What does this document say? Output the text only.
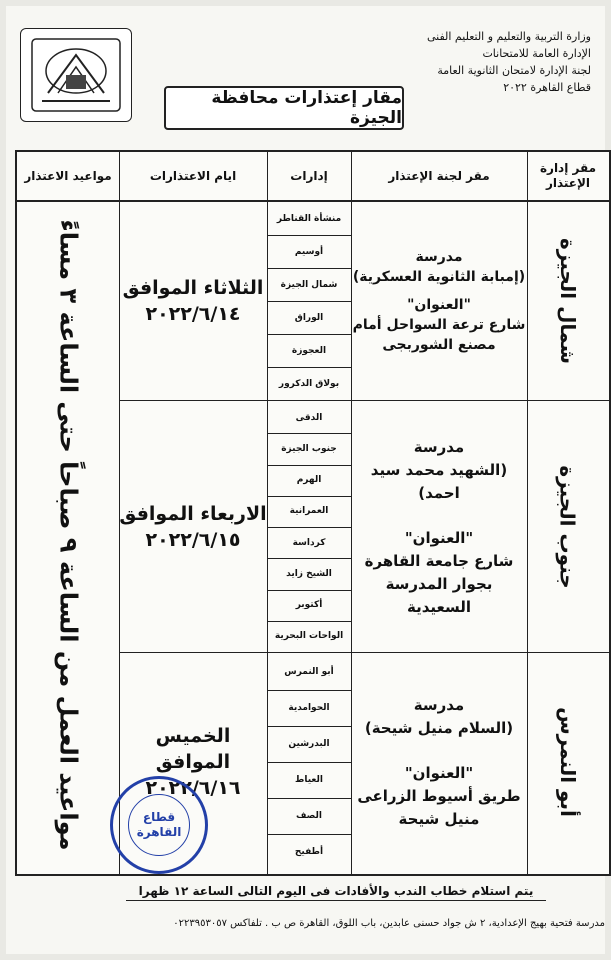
وزارة التربية والتعليم و التعليم الفنى
الإدارة العامة للامتحانات
لجنة الإدارة لامتحان الثانوية العامة
قطاع القاهرة ٢٠٢٢
مقار إعتذارات محافظة الجيزة
مقر إدارة الإعتذار
مقر لجنة الإعتذار
إدارات
ايام الاعتذارات
مواعيد الاعتذار
شمال الجيزة
جنوب الجيزة
أبو النمرس
مدرسة
(إمبابة الثانوية العسكرية)
"العنوان"
شارع ترعة السواحل أمام مصنع الشوربجى
مدرسة
(الشهيد محمد سيد احمد)
"العنوان"
شارع جامعة القاهرة بجوار المدرسة السعيدية
مدرسة
(السلام منيل شيحة)
"العنوان"
طريق أسيوط الزراعى منيل شيحة
منشأة القناطر
أوسيم
شمال الجيزة
الوراق
العجوزة
بولاق الدكرور
الدقى
جنوب الجيزة
الهرم
العمرانية
كرداسة
الشيخ زايد
أكتوبر
الواحات البحرية
أبو النمرس
الحوامدية
البدرشين
العياط
الصف
أطفيح
الثلاثاء الموافق
٢٠٢٢/٦/١٤
الاربعاء الموافق
٢٠٢٢/٦/١٥
الخميس الموافق
٢٠٢٢/٦/١٦
مواعيد العمل من الساعة ٩ صباحاً حتى الساعة ٣ مساءً	قطاع
القاهرة
يتم استلام خطاب الندب والأفادات فى اليوم التالى الساعة ١٢ ظهرا
مدرسة فتحية بهيج الإعدادية، ٢ ش جواد حسنى عابدين، باب اللوق، القاهرة ص ب . تلفاكس ٠٢٢٣٩٥٣٠٥٧
